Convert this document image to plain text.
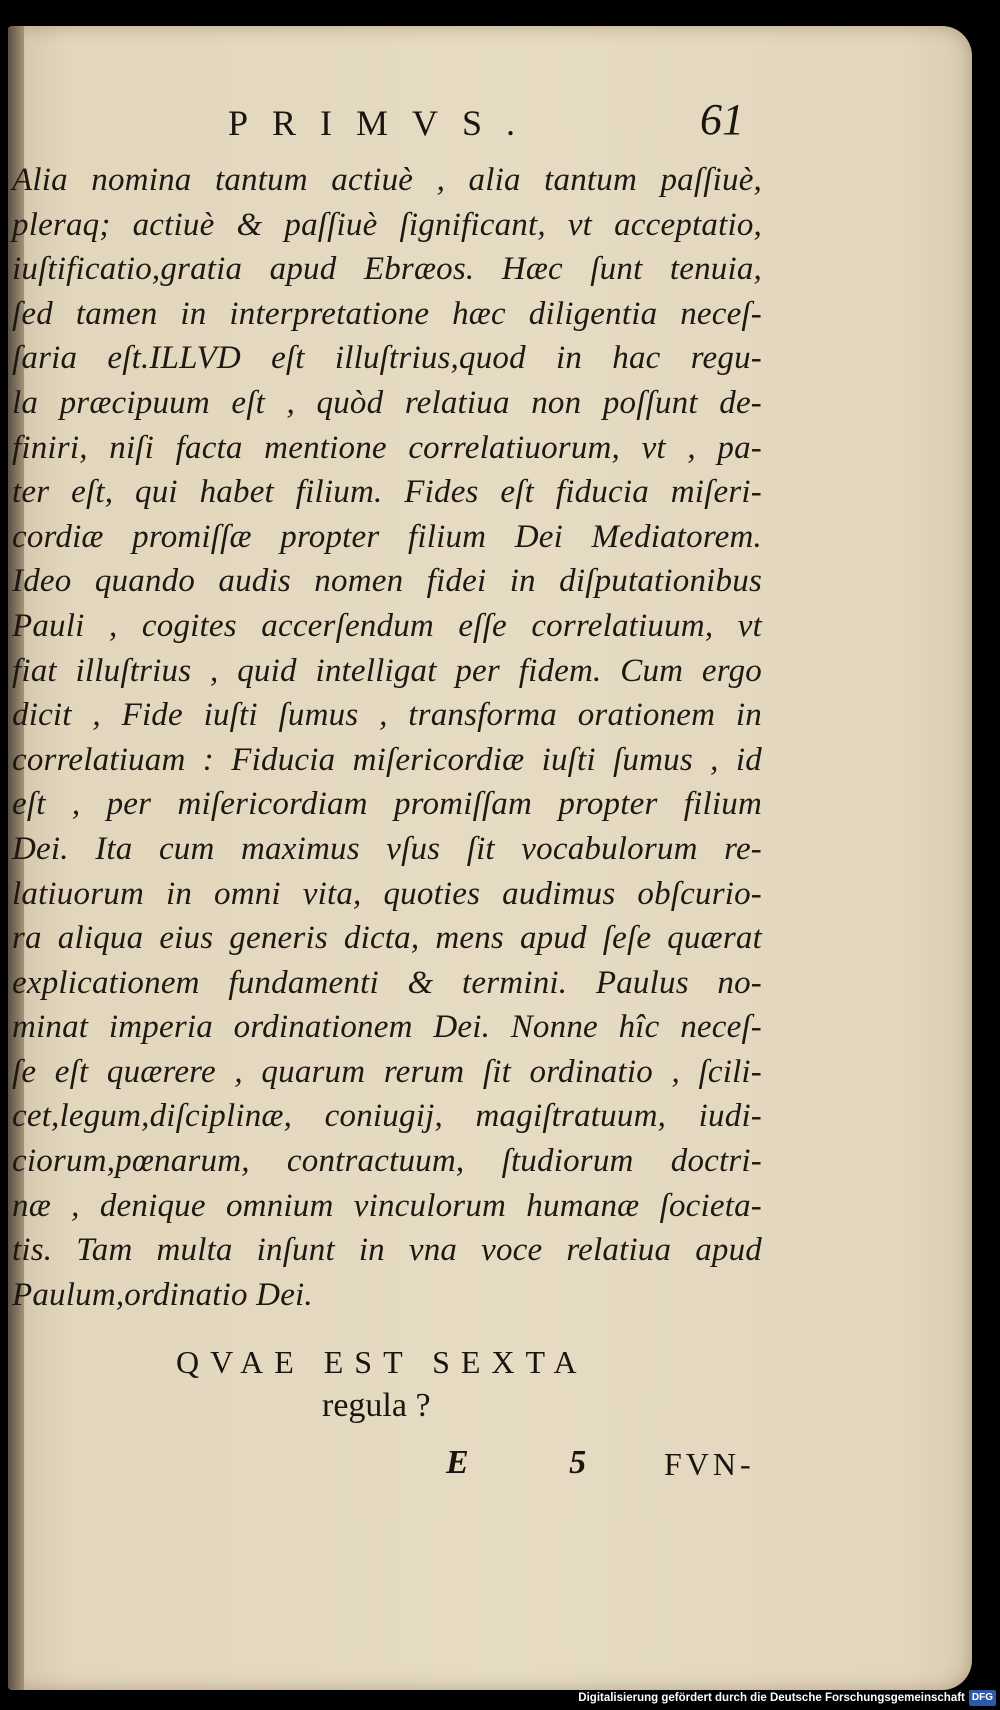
PRIMVS.	61
Alia nomina tantum actiuè , alia tantum paſſiuè,
pleraq; actiuè & paſſiuè ſignificant, vt acceptatio,
iuſtificatio,gratia apud Ebræos. Hæc ſunt tenuia,
ſed tamen in interpretatione hæc diligentia neceſ-
ſaria eſt.ILLVD eſt illuſtrius,quod in hac regu-
la præcipuum eſt , quòd relatiua non poſſunt de-
finiri, niſi facta mentione correlatiuorum, vt , pa-
ter eſt, qui habet filium. Fides eſt fiducia miſeri-
cordiæ promiſſæ propter filium Dei Mediatorem.
Ideo quando audis nomen fidei in diſputationibus
Pauli , cogites accerſendum eſſe correlatiuum, vt
fiat illuſtrius , quid intelligat per fidem. Cum ergo
dicit , Fide iuſti ſumus , transforma orationem in
correlatiuam : Fiducia miſericordiæ iuſti ſumus , id
eſt , per miſericordiam promiſſam propter filium
Dei. Ita cum maximus vſus ſit vocabulorum re-
latiuorum in omni vita, quoties audimus obſcurio-
ra aliqua eius generis dicta, mens apud ſeſe quærat
explicationem fundamenti & termini. Paulus no-
minat imperia ordinationem Dei. Nonne hîc neceſ-
ſe eſt quærere , quarum rerum ſit ordinatio , ſcili-
cet,legum,diſciplinæ, coniugij, magiſtratuum, iudi-
ciorum,pœnarum, contractuum, ſtudiorum doctri-
næ , denique omnium vinculorum humanæ ſocieta-
tis. Tam multa inſunt in vna voce relatiua apud
Paulum,ordinatio Dei.
QVAE EST SEXTA
regula ?
E 5 FVN-
Digitalisierung gefördert durch die Deutsche Forschungsgemeinschaft DFG
